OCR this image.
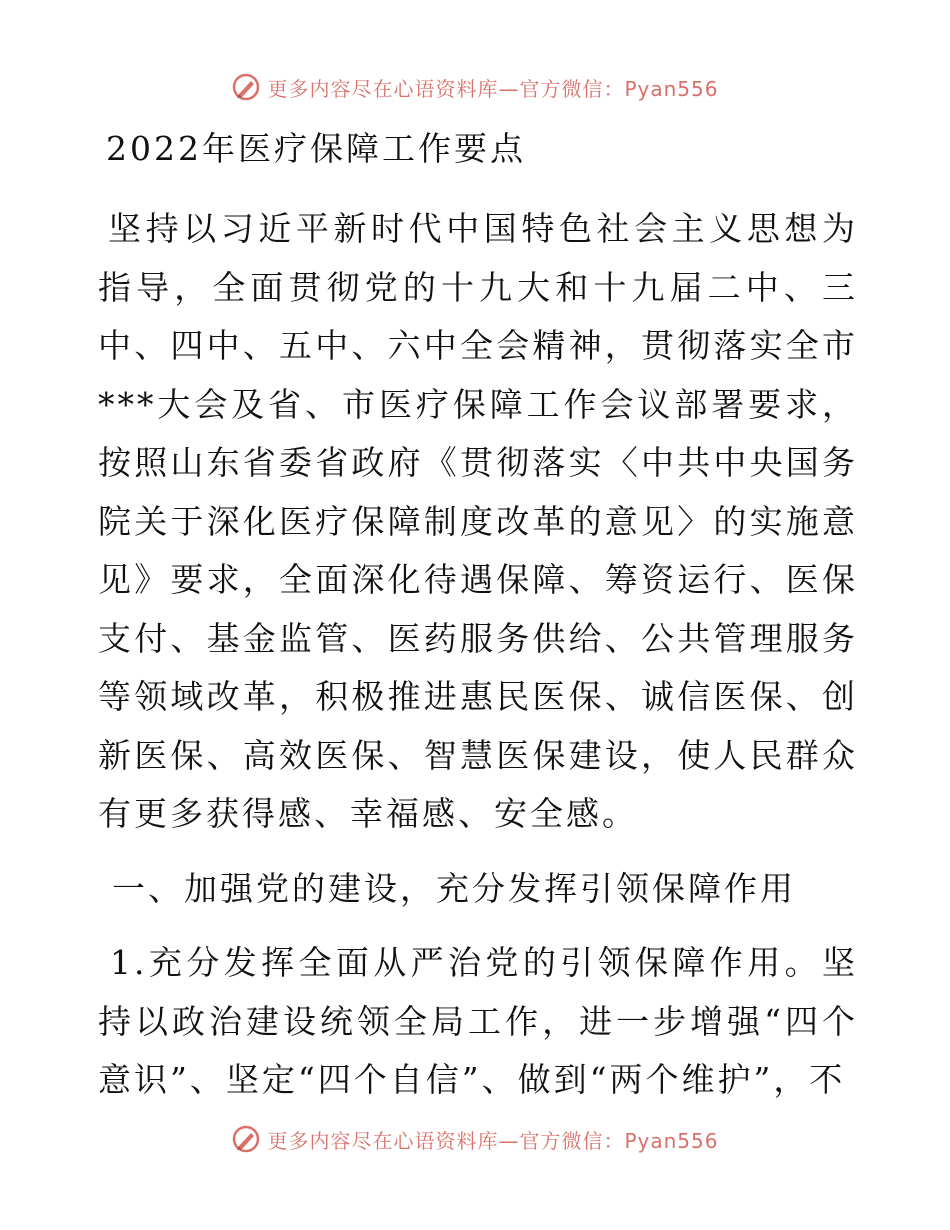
更多内容尽在心语资料库—官方微信：Pyan556
2022年医疗保障工作要点

坚持以习近平新时代中国特色社会主义思想为指导，全面贯彻党的十九大和十九届二中、三中、四中、五中、六中全会精神，贯彻落实全市***大会及省、市医疗保障工作会议部署要求，按照山东省委省政府《贯彻落实〈中共中央国务院关于深化医疗保障制度改革的意见〉的实施意见》要求，全面深化待遇保障、筹资运行、医保支付、基金监管、医药服务供给、公共管理服务等领域改革，积极推进惠民医保、诚信医保、创新医保、高效医保、智慧医保建设，使人民群众有更多获得感、幸福感、安全感。

一、加强党的建设，充分发挥引领保障作用

1.充分发挥全面从严治党的引领保障作用。坚持以政治建设统领全局工作，进一步增强“四个意识”、坚定“四个自信”、做到“两个维护”，不

更多内容尽在心语资料库—官方微信：Pyan556
